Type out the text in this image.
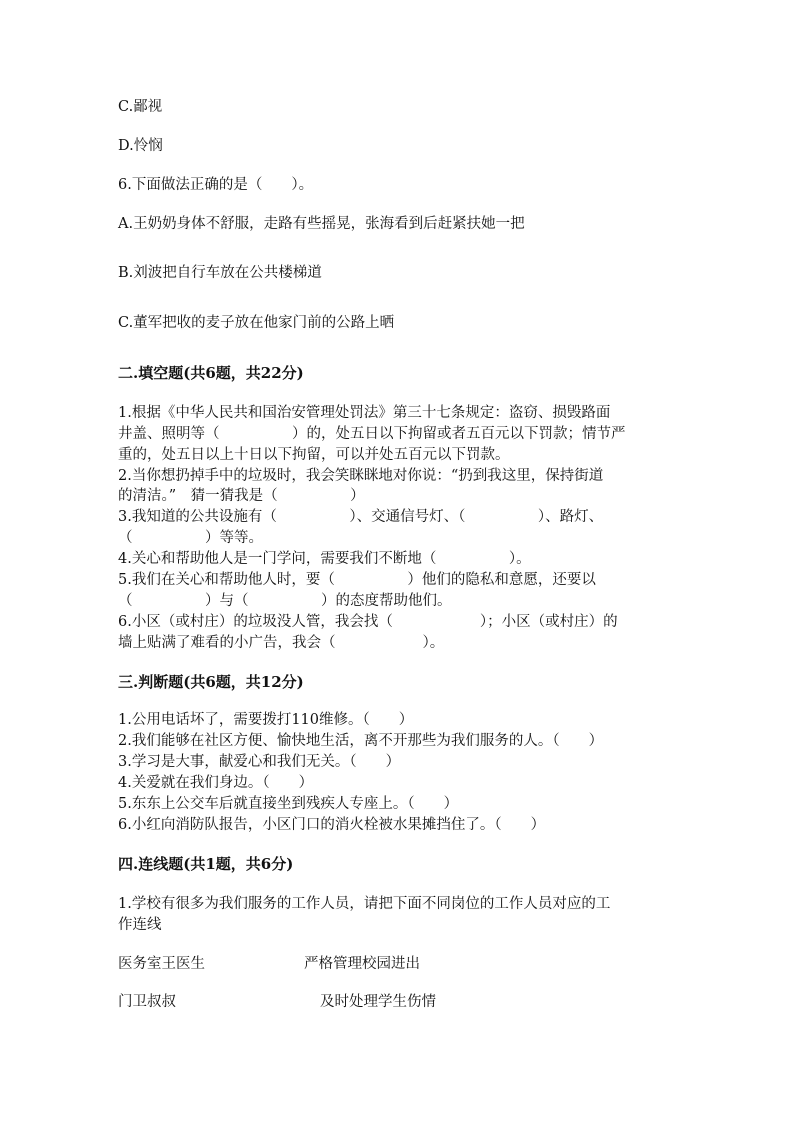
C.鄙视
D.怜悯
6.下面做法正确的是（　　）。
A.王奶奶身体不舒服，走路有些摇晃，张海看到后赶紧扶她一把
B.刘波把自行车放在公共楼梯道
C.董军把收的麦子放在他家门前的公路上晒
二.填空题(共6题，共22分)
1.根据《中华人民共和国治安管理处罚法》第三十七条规定：盗窃、损毁路面
井盖、照明等（　　　　　）的，处五日以下拘留或者五百元以下罚款；情节严
重的，处五日以上十日以下拘留，可以并处五百元以下罚款。
2.当你想扔掉手中的垃圾时，我会笑眯眯地对你说：“扔到我这里，保持街道
的清洁。”　猜一猜我是（　　　　　）
3.我知道的公共设施有（　　　　　）、交通信号灯、（　　　　　）、路灯、
（　　　　　）等等。
4.关心和帮助他人是一门学问，需要我们不断地（　　　　　）。
5.我们在关心和帮助他人时，要（　　　　　）他们的隐私和意愿，还要以
（　　　　　）与（　　　　　）的态度帮助他们。
6.小区（或村庄）的垃圾没人管，我会找（　　　　　　）；小区（或村庄）的
墙上贴满了难看的小广告，我会（　　　　　　）。
三.判断题(共6题，共12分)
1.公用电话坏了，需要拨打110维修。（　　）
2.我们能够在社区方便、愉快地生活，离不开那些为我们服务的人。（　　）
3.学习是大事，献爱心和我们无关。（　　）
4.关爱就在我们身边。（　　）
5.东东上公交车后就直接坐到残疾人专座上。（　　）
6.小红向消防队报告，小区门口的消火栓被水果摊挡住了。（　　）
四.连线题(共1题，共6分)
1.学校有很多为我们服务的工作人员，请把下面不同岗位的工作人员对应的工
作连线
医务室王医生	严格管理校园进出
门卫叔叔	及时处理学生伤情
